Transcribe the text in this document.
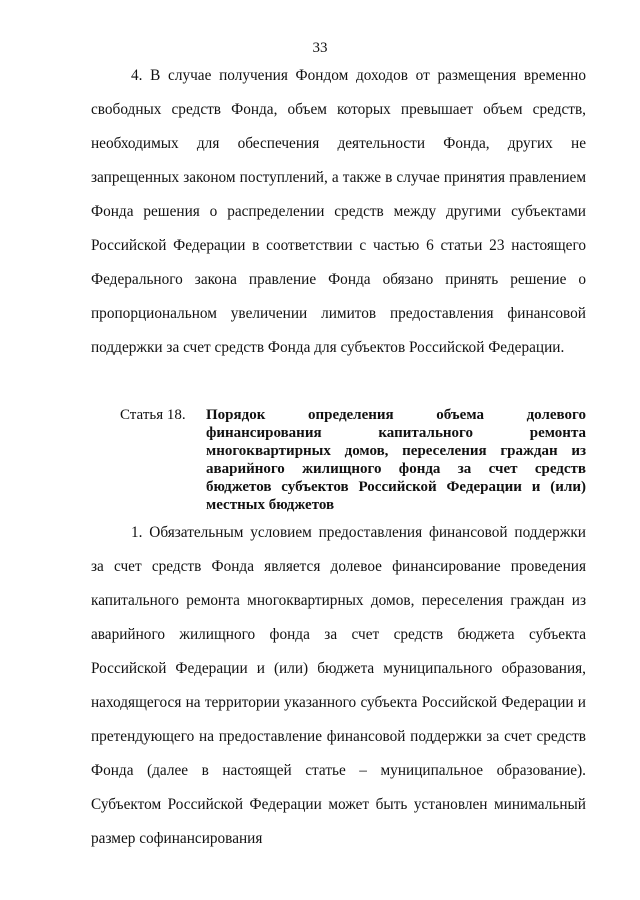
33

4. В случае получения Фондом доходов от размещения временно свободных средств Фонда, объем которых превышает объем средств, необходимых для обеспечения деятельности Фонда, других не запрещенных законом поступлений, а также в случае принятия правлением Фонда решения о распределении средств между другими субъектами Российской Федерации в соответствии с частью 6 статьи 23 настоящего Федерального закона правление Фонда обязано принять решение о пропорциональном увеличении лимитов предоставления финансовой поддержки за счет средств Фонда для субъектов Российской Федерации.

Статья 18.	Порядок определения объема долевого финансирования капитального ремонта многоквартирных домов, переселения граждан из аварийного жилищного фонда за счет средств бюджетов субъектов Российской Федерации и (или) местных бюджетов

1. Обязательным условием предоставления финансовой поддержки за счет средств Фонда является долевое финансирование проведения капитального ремонта многоквартирных домов, переселения граждан из аварийного жилищного фонда за счет средств бюджета субъекта Российской Федерации и (или) бюджета муниципального образования, находящегося на территории указанного субъекта Российской Федерации и претендующего на предоставление финансовой поддержки за счет средств Фонда (далее в настоящей статье – муниципальное образование). Субъектом Российской Федерации может быть установлен минимальный размер софинансирования
